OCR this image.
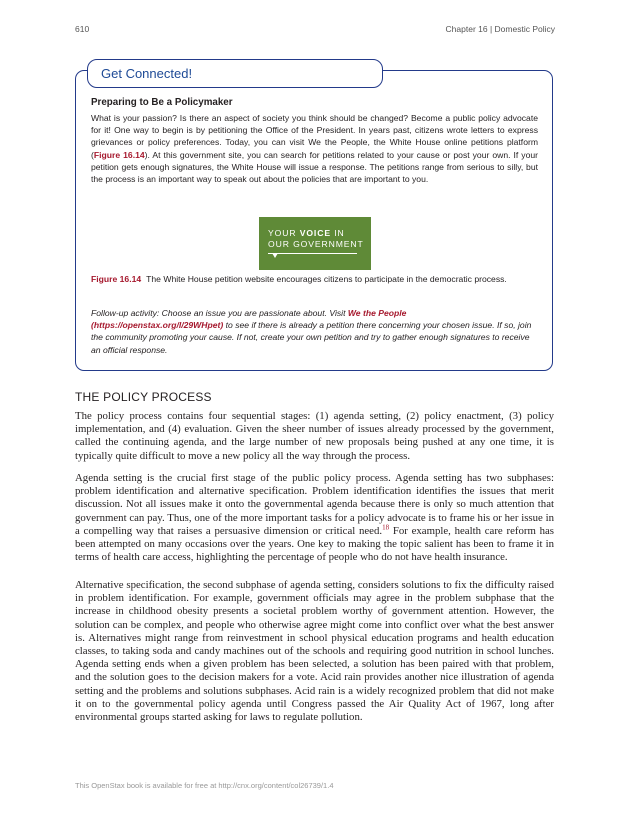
610	Chapter 16 | Domestic Policy
Get Connected!
Preparing to Be a Policymaker
What is your passion? Is there an aspect of society you think should be changed? Become a public policy advocate for it! One way to begin is by petitioning the Office of the President. In years past, citizens wrote letters to express grievances or policy preferences. Today, you can visit We the People, the White House online petitions platform (Figure 16.14). At this government site, you can search for petitions related to your cause or post your own. If your petition gets enough signatures, the White House will issue a response. The petitions range from serious to silly, but the process is an important way to speak out about the policies that are important to you.
YOUR VOICE IN
OUR GOVERNMENT
Figure 16.14 The White House petition website encourages citizens to participate in the democratic process.
Follow-up activity: Choose an issue you are passionate about. Visit We the People (https://openstax.org/l/29WHpet) to see if there is already a petition there concerning your chosen issue. If so, join the community promoting your cause. If not, create your own petition and try to gather enough signatures to receive an official response.
THE POLICY PROCESS

The policy process contains four sequential stages: (1) agenda setting, (2) policy enactment, (3) policy implementation, and (4) evaluation. Given the sheer number of issues already processed by the government, called the continuing agenda, and the large number of new proposals being pushed at any one time, it is typically quite difficult to move a new policy all the way through the process.

Agenda setting is the crucial first stage of the public policy process. Agenda setting has two subphases: problem identification and alternative specification. Problem identification identifies the issues that merit discussion. Not all issues make it onto the governmental agenda because there is only so much attention that government can pay. Thus, one of the more important tasks for a policy advocate is to frame his or her issue in a compelling way that raises a persuasive dimension or critical need.$^{18}$ For example, health care reform has been attempted on many occasions over the years. One key to making the topic salient has been to frame it in terms of health care access, highlighting the percentage of people who do not have health insurance.

Alternative specification, the second subphase of agenda setting, considers solutions to fix the difficulty raised in problem identification. For example, government officials may agree in the problem subphase that the increase in childhood obesity presents a societal problem worthy of government attention. However, the solution can be complex, and people who otherwise agree might come into conflict over what the best answer is. Alternatives might range from reinvestment in school physical education programs and health education classes, to taking soda and candy machines out of the schools and requiring good nutrition in school lunches. Agenda setting ends when a given problem has been selected, a solution has been paired with that problem, and the solution goes to the decision makers for a vote. Acid rain provides another nice illustration of agenda setting and the problems and solutions subphases. Acid rain is a widely recognized problem that did not make it on to the governmental policy agenda until Congress passed the Air Quality Act of 1967, long after environmental groups started asking for laws to regulate pollution.

This OpenStax book is available for free at http://cnx.org/content/col26739/1.4
